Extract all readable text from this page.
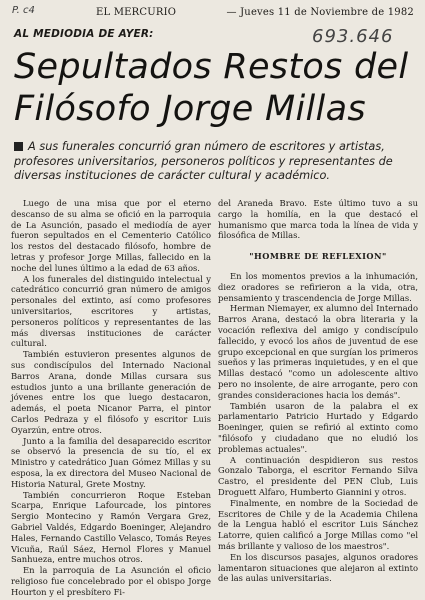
P. c4
693.646
EL MERCURIO	— Jueves 11 de Noviembre de 1982
AL MEDIODIA DE AYER:
Sepultados Restos del
Filósofo Jorge Millas
A sus funerales concurrió gran número de escritores y artistas, profesores universitarios, personeros políticos y representantes de diversas instituciones de carácter cultural y académico.

Luego de una misa que por el eterno descanso de su alma se ofició en la parroquia de La Asunción, pasado el mediodía de ayer fueron sepultados en el Cementerio Católico los restos del destacado filósofo, hombre de letras y profesor Jorge Millas, fallecido en la noche del lunes último a la edad de 63 años.

A los funerales del distinguido intelectual y catedrático concurrió gran número de amigos personales del extinto, así como profesores universitarios, escritores y artistas, personeros políticos y representantes de las más diversas instituciones de carácter cultural.

También estuvieron presentes algunos de sus condiscípulos del Internado Nacional Barros Arana, donde Millas cursara sus estudios junto a una brillante generación de jóvenes entre los que luego destacaron, además, el poeta Nicanor Parra, el pintor Carlos Pedraza y el filósofo y escritor Luis Oyarzún, entre otros.

Junto a la familia del desaparecido escritor se observó la presencia de su tío, el ex Ministro y catedrático Juan Gómez Millas y su esposa, la ex directora del Museo Nacional de Historia Natural, Grete Mostny.

También concurrieron Roque Esteban Scarpa, Enrique Lafourcade, los pintores Sergio Montecino y Ramón Vergara Grez, Gabriel Valdés, Edgardo Boeninger, Alejandro Hales, Fernando Castillo Velasco, Tomás Reyes Vicuña, Raúl Sáez, Hernol Flores y Manuel Sanhueza, entre muchos otros.

En la parroquia de La Asunción el oficio religioso fue concelebrado por el obispo Jorge Hourton y el presbítero Fi-

del Araneda Bravo. Este último tuvo a su cargo la homilía, en la que destacó el humanismo que marca toda la línea de vida y filosófica de Millas.

"HOMBRE DE REFLEXION"

En los momentos previos a la inhumación, diez oradores se refirieron a la vida, otra, pensamiento y trascendencia de Jorge Millas.

Herman Niemayer, ex alumno del Internado Barros Arana, destacó la obra literaria y la vocación reflexiva del amigo y condiscípulo fallecido, y evocó los años de juventud de ese grupo excepcional en que surgían los primeros sueños y las primeras inquietudes, y en el que Millas destacó "como un adolescente altivo pero no insolente, de aire arrogante, pero con grandes consideraciones hacia los demás".

También usaron de la palabra el ex parlamentario Patricio Hurtado y Edgardo Boeninger, quien se refirió al extinto como "filósofo y ciudadano que no eludió los problemas actuales".

A continuación despidieron sus restos Gonzalo Taborga, el escritor Fernando Silva Castro, el presidente del PEN Club, Luis Droguett Alfaro, Humberto Giannini y otros.

Finalmente, en nombre de la Sociedad de Escritores de Chile y de la Academia Chilena de la Lengua habló el escritor Luis Sánchez Latorre, quien calificó a Jorge Millas como "el más brillante y valioso de los maestros".

En los discursos pasajes, algunos oradores lamentaron situaciones que alejaron al extinto de las aulas universitarias.
